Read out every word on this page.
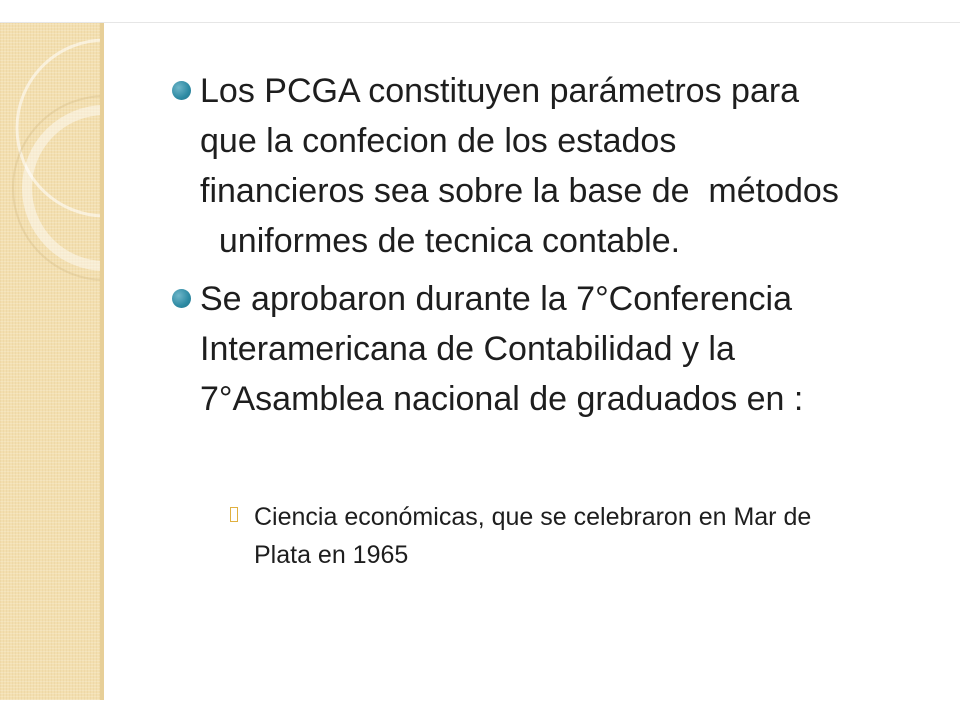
Los PCGA constituyen parámetros para
que la confecion de los estados
financieros sea sobre la base de  métodos
uniformes de tecnica contable.

Se aprobaron durante la 7°Conferencia
Interamericana de Contabilidad y la
7°Asamblea nacional de graduados en :

Ciencia económicas, que se celebraron en Mar de
Plata en 1965
